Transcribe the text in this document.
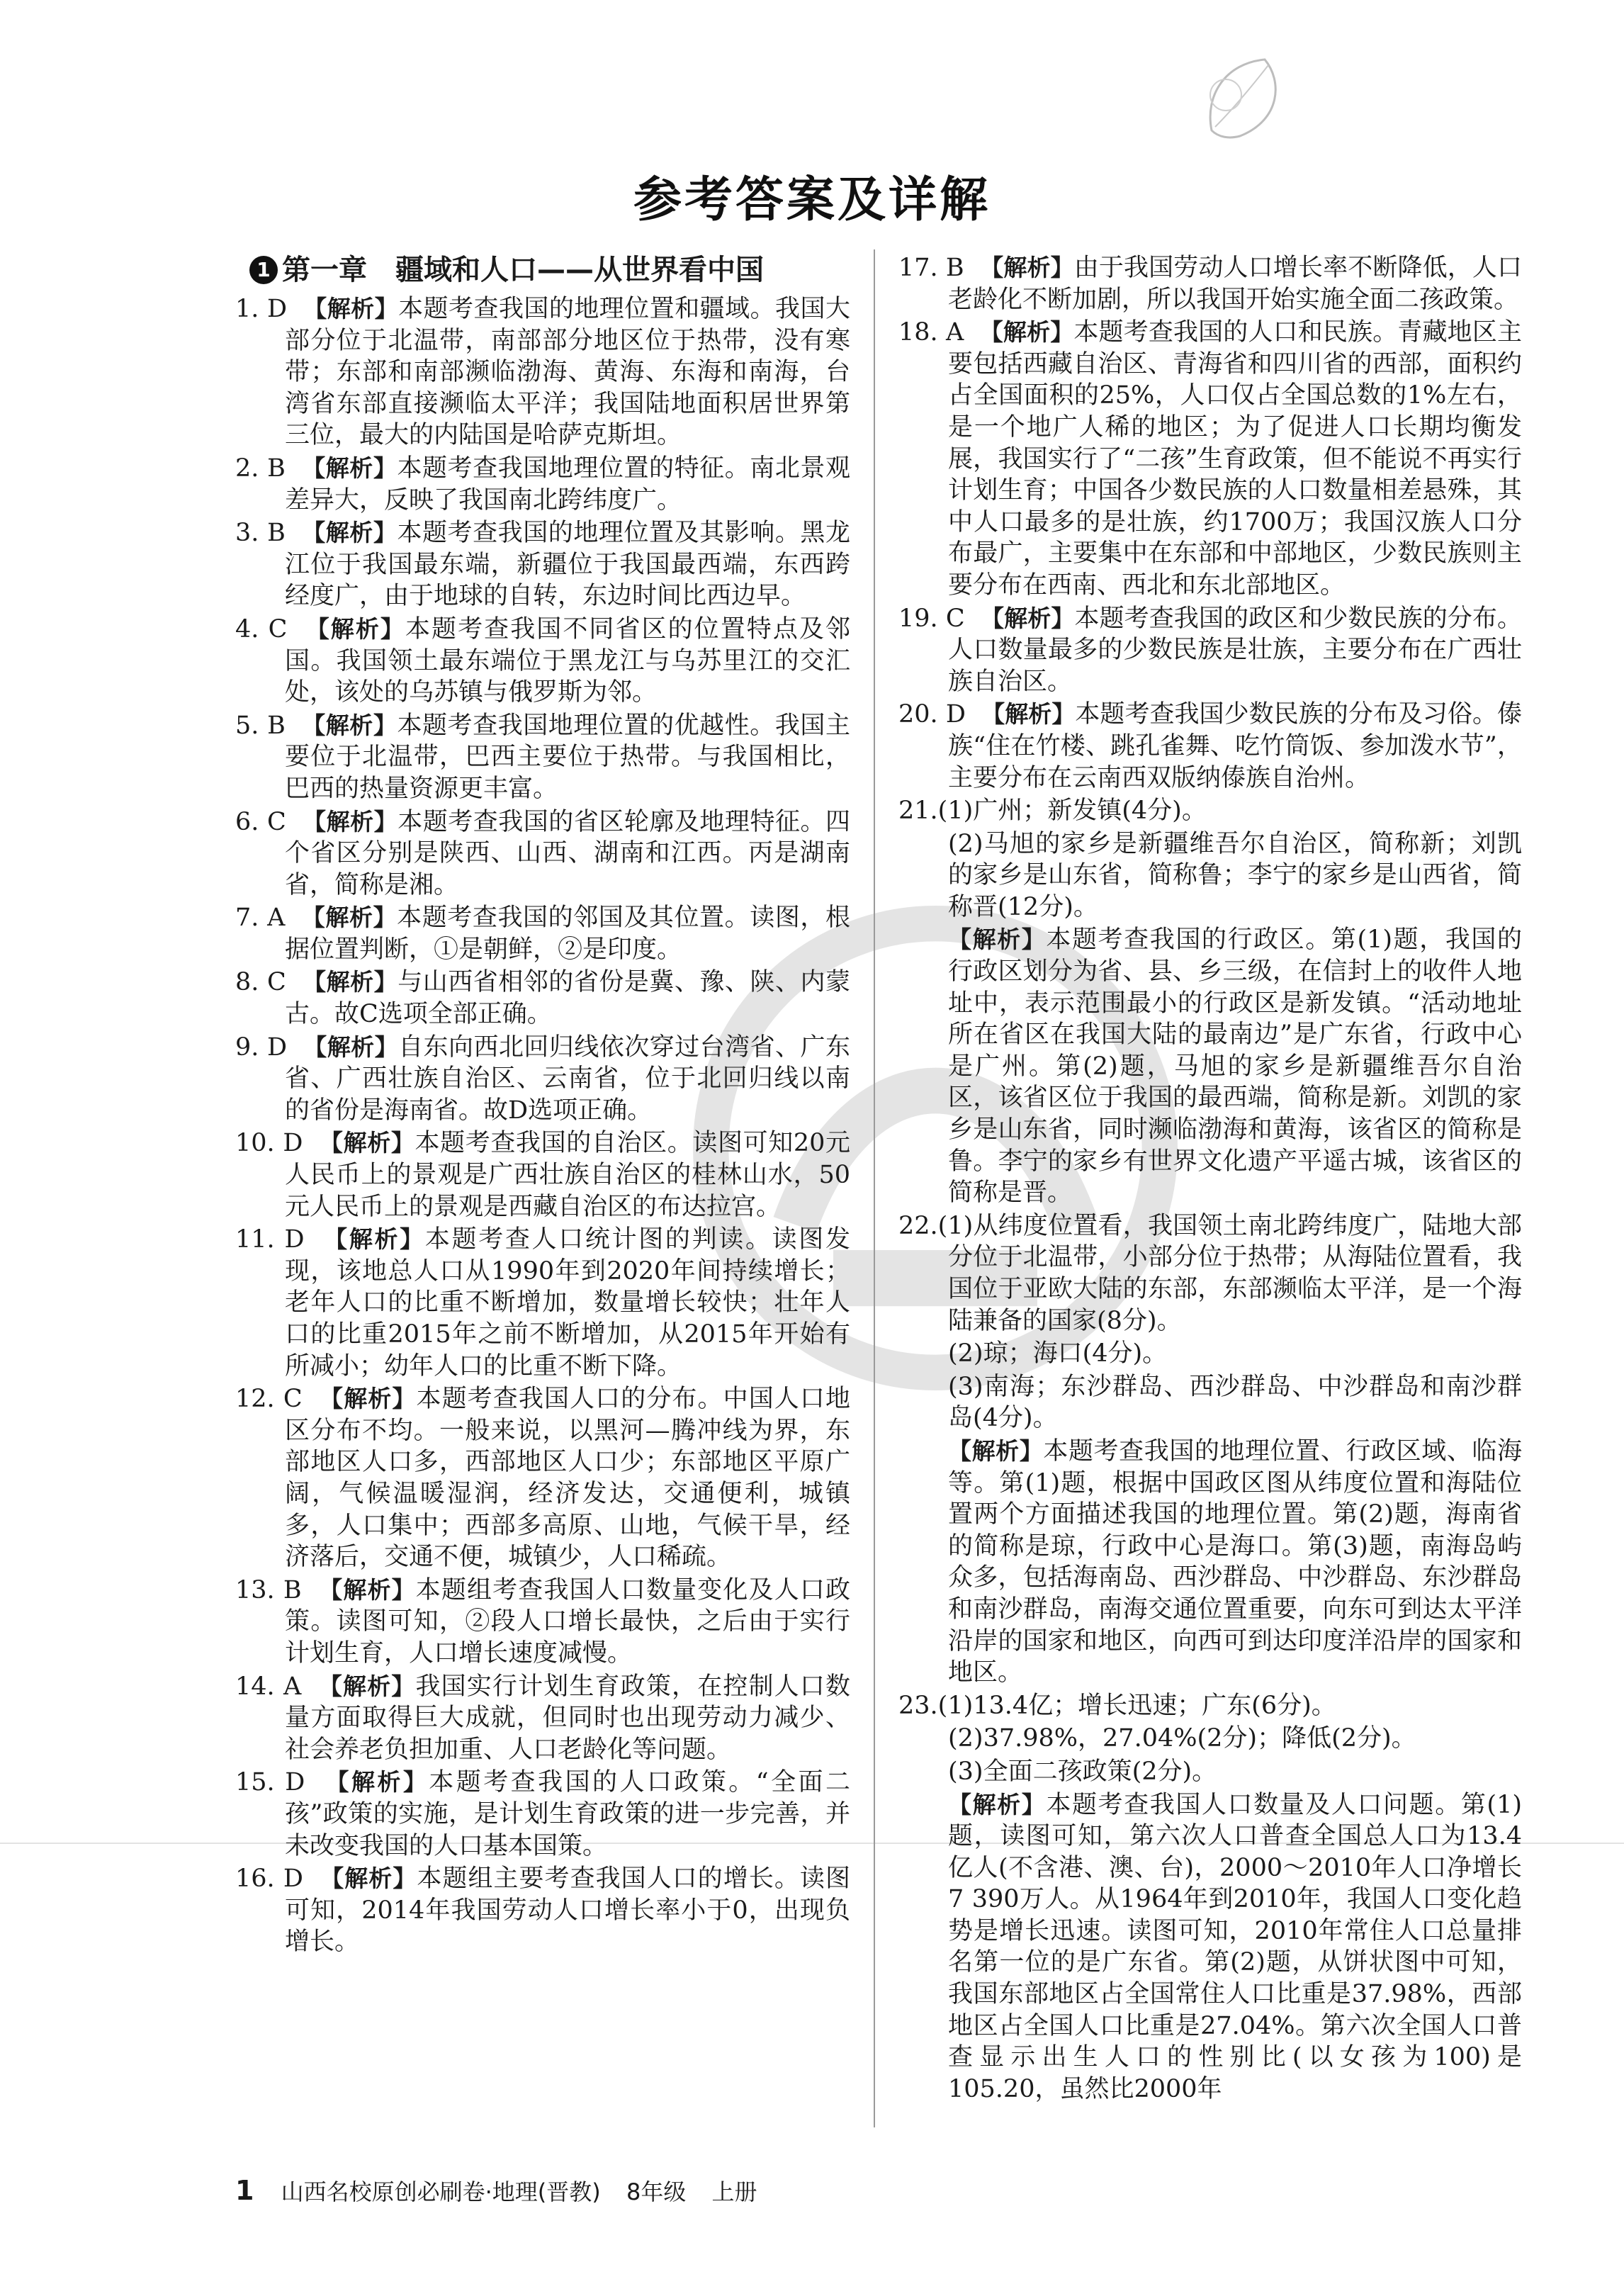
参考答案及详解
1 第一章　疆域和人口——从世界看中国
1. D 【解析】本题考查我国的地理位置和疆域。我国大部分位于北温带，南部部分地区位于热带，没有寒带；东部和南部濒临渤海、黄海、东海和南海，台湾省东部直接濒临太平洋；我国陆地面积居世界第三位，最大的内陆国是哈萨克斯坦。
2. B 【解析】本题考查我国地理位置的特征。南北景观差异大，反映了我国南北跨纬度广。
3. B 【解析】本题考查我国的地理位置及其影响。黑龙江位于我国最东端，新疆位于我国最西端，东西跨经度广，由于地球的自转，东边时间比西边早。
4. C 【解析】本题考查我国不同省区的位置特点及邻国。我国领土最东端位于黑龙江与乌苏里江的交汇处，该处的乌苏镇与俄罗斯为邻。
5. B 【解析】本题考查我国地理位置的优越性。我国主要位于北温带，巴西主要位于热带。与我国相比，巴西的热量资源更丰富。
6. C 【解析】本题考查我国的省区轮廓及地理特征。四个省区分别是陕西、山西、湖南和江西。丙是湖南省，简称是湘。
7. A 【解析】本题考查我国的邻国及其位置。读图，根据位置判断，①是朝鲜，②是印度。
8. C 【解析】与山西省相邻的省份是冀、豫、陕、内蒙古。故C选项全部正确。
9. D 【解析】自东向西北回归线依次穿过台湾省、广东省、广西壮族自治区、云南省，位于北回归线以南的省份是海南省。故D选项正确。
10. D 【解析】本题考查我国的自治区。读图可知20元人民币上的景观是广西壮族自治区的桂林山水，50元人民币上的景观是西藏自治区的布达拉宫。
11. D 【解析】本题考查人口统计图的判读。读图发现，该地总人口从1990年到2020年间持续增长；老年人口的比重不断增加，数量增长较快；壮年人口的比重2015年之前不断增加，从2015年开始有所减小；幼年人口的比重不断下降。
12. C 【解析】本题考查我国人口的分布。中国人口地区分布不均。一般来说，以黑河—腾冲线为界，东部地区人口多，西部地区人口少；东部地区平原广阔，气候温暖湿润，经济发达，交通便利，城镇多，人口集中；西部多高原、山地，气候干旱，经济落后，交通不便，城镇少，人口稀疏。
13. B 【解析】本题组考查我国人口数量变化及人口政策。读图可知，②段人口增长最快，之后由于实行计划生育，人口增长速度减慢。
14. A 【解析】我国实行计划生育政策，在控制人口数量方面取得巨大成就，但同时也出现劳动力减少、社会养老负担加重、人口老龄化等问题。
15. D 【解析】本题考查我国的人口政策。“全面二孩”政策的实施，是计划生育政策的进一步完善，并未改变我国的人口基本国策。
16. D 【解析】本题组主要考查我国人口的增长。读图可知，2014年我国劳动人口增长率小于0，出现负增长。
17. B 【解析】由于我国劳动人口增长率不断降低，人口老龄化不断加剧，所以我国开始实施全面二孩政策。
18. A 【解析】本题考查我国的人口和民族。青藏地区主要包括西藏自治区、青海省和四川省的西部，面积约占全国面积的25%，人口仅占全国总数的1%左右，是一个地广人稀的地区；为了促进人口长期均衡发展，我国实行了“二孩”生育政策，但不能说不再实行计划生育；中国各少数民族的人口数量相差悬殊，其中人口最多的是壮族，约1700万；我国汉族人口分布最广，主要集中在东部和中部地区，少数民族则主要分布在西南、西北和东北部地区。
19. C 【解析】本题考查我国的政区和少数民族的分布。人口数量最多的少数民族是壮族，主要分布在广西壮族自治区。
20. D 【解析】本题考查我国少数民族的分布及习俗。傣族“住在竹楼、跳孔雀舞、吃竹筒饭、参加泼水节”，主要分布在云南西双版纳傣族自治州。
21.(1)广州；新发镇(4分)。
(2)马旭的家乡是新疆维吾尔自治区，简称新；刘凯的家乡是山东省，简称鲁；李宁的家乡是山西省，简称晋(12分)。
【解析】本题考查我国的行政区。第(1)题，我国的行政区划分为省、县、乡三级，在信封上的收件人地址中，表示范围最小的行政区是新发镇。“活动地址所在省区在我国大陆的最南边”是广东省，行政中心是广州。第(2)题，马旭的家乡是新疆维吾尔自治区，该省区位于我国的最西端，简称是新。刘凯的家乡是山东省，同时濒临渤海和黄海，该省区的简称是鲁。李宁的家乡有世界文化遗产平遥古城，该省区的简称是晋。
22.(1)从纬度位置看，我国领土南北跨纬度广，陆地大部分位于北温带，小部分位于热带；从海陆位置看，我国位于亚欧大陆的东部，东部濒临太平洋，是一个海陆兼备的国家(8分)。
(2)琼；海口(4分)。
(3)南海；东沙群岛、西沙群岛、中沙群岛和南沙群岛(4分)。
【解析】本题考查我国的地理位置、行政区域、临海等。第(1)题，根据中国政区图从纬度位置和海陆位置两个方面描述我国的地理位置。第(2)题，海南省的简称是琼，行政中心是海口。第(3)题，南海岛屿众多，包括海南岛、西沙群岛、中沙群岛、东沙群岛和南沙群岛，南海交通位置重要，向东可到达太平洋沿岸的国家和地区，向西可到达印度洋沿岸的国家和地区。
23.(1)13.4亿；增长迅速；广东(6分)。
(2)37.98%，27.04%(2分)；降低(2分)。
(3)全面二孩政策(2分)。
【解析】本题考查我国人口数量及人口问题。第(1)题，读图可知，第六次人口普查全国总人口为13.4亿人(不含港、澳、台)，2000～2010年人口净增长7 390万人。从1964年到2010年，我国人口变化趋势是增长迅速。读图可知，2010年常住人口总量排名第一位的是广东省。第(2)题，从饼状图中可知，我国东部地区占全国常住人口比重是37.98%，西部地区占全国人口比重是27.04%。第六次全国人口普查显示出生人口的性别比(以女孩为100)是105.20，虽然比2000年
1 山西名校原创必刷卷·地理(晋教) 8年级 上册
